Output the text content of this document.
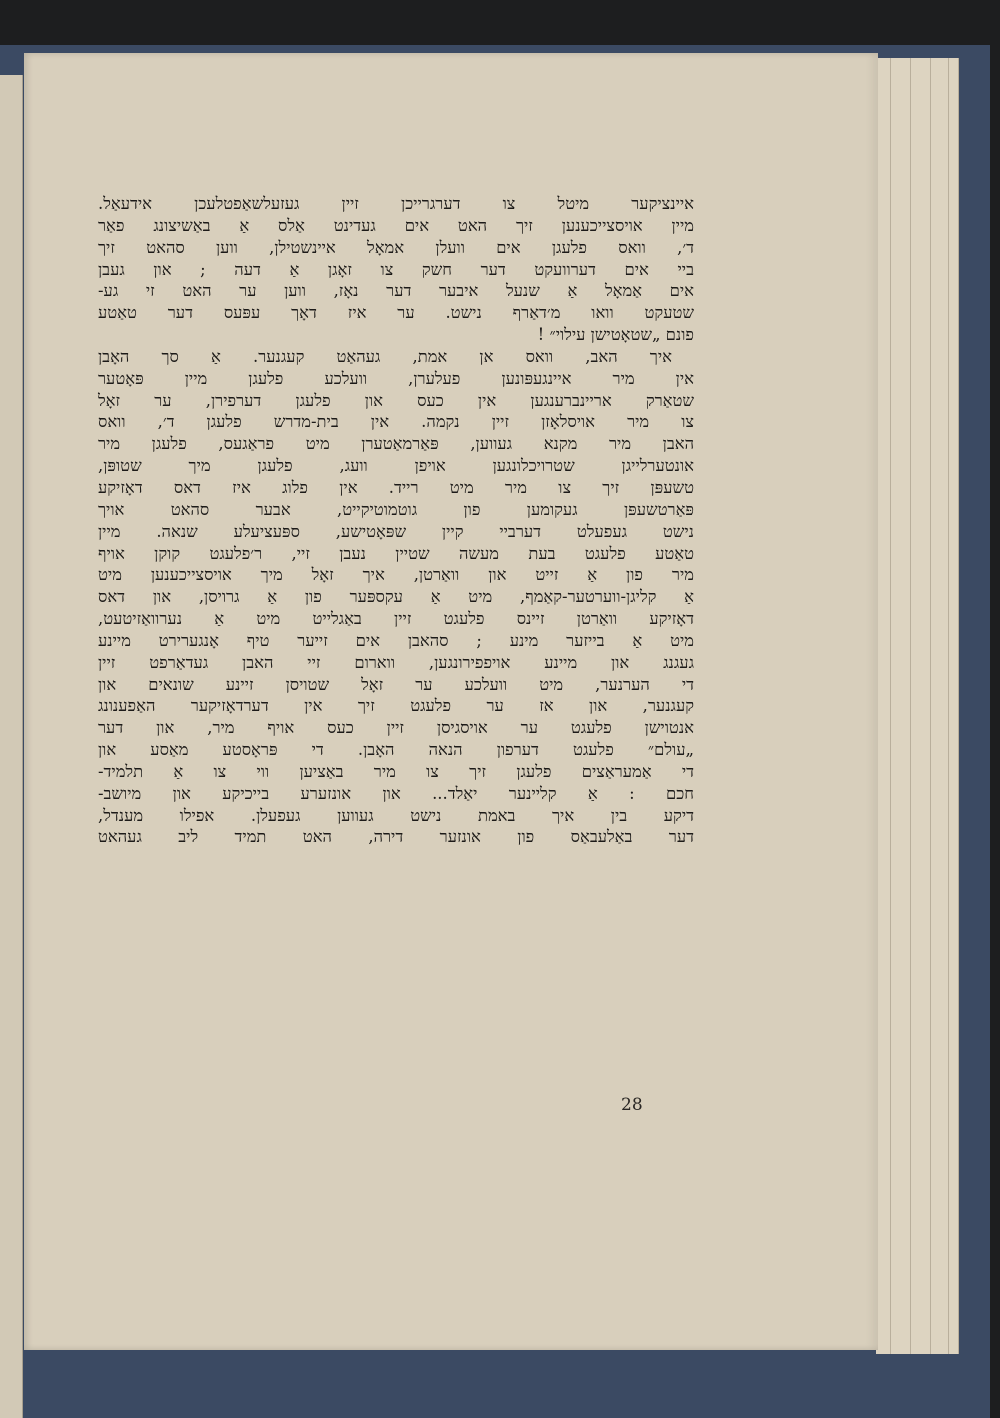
איינציקער מיטל צו דערגרייכן זיין געזעלשאַפטלעכן אידעאַל.
מיין אויסצייכענען זיך האט אים געדינט אַלס אַ באַשיצונג פאַר
ד׳, וואס פלעגן אים וועלן אמאָל איינשטילן, ווען סהאט זיך
ביי אים דערוועקט דער חשק צו זאָגן אַ דעה ; און געבן
אים אַמאָל אַ שנעל איבער דער נאָז, ווען ער האט זי גע-
שטעקט וואו מ׳דאַרף נישט. ער איז דאָך עפּעס דער טאַטע
פונם „שטאָטישן עילוי״ !
איך האב, וואס אן אמת, געהאַט קעגנער. אַ סך האָבן
אין מיר איינגעפּונען פעלערן, וועלכע פלעגן מיין פּאָטער
שטאַרק אריינברענגען אין כעס און פלעגן דערפירן, ער זאָל
צו מיר אויסלאָזן זיין נקמה. אין בית-מדרש פלעגן ד׳, וואס
האבן מיר מקנא געווען, פּאַרמאַטערן מיט פראַגעס, פלעגן מיר
אונטערלייגן שטרויכלונגען אויפן וועג, פלעגן מיך שטופּן,
טשעפּן זיך צו מיר מיט רייד. אין פלוג איז דאס דאָזיקע
פּאַרטשעפּן געקומען פון גוטמוטיקייט, אבער סהאט אויך
נישט געפעלט דערביי קיין שפּאָטישע, ספּעציעלע שנאה. מיין
טאַטע פלעגט בעת מעשה שטיין נעבן זיי, ר׳פלעגט קוקן אויף
מיר פון אַ זייט און וואַרטן, איך זאָל מיך אויסצייכענען מיט
אַ קליגן-ווערטער-קאַמף, מיט אַ עקספּער פון אַ גרויסן, און דאס
דאָזיקע וואַרטן זיינס פלעגט זיין באַגלייט מיט אַ נערוואַזיטעט,
מיט אַ בייזער מינע ; סהאבן אים זייער טיף אָנגערירט מיינע
געגנג און מיינע אויפפירונגען, ווארום זיי האבן געדאַרפט זיין
די הערנער, מיט וועלכע ער זאָל שטויסן זיינע שונאים און
קעגנער, און אז ער פלעגט זיך אין דערדאָזיקער האַפענונג
אנטוישן פלעגט ער אויסגיסן זיין כעס אויף מיר, און דער
„עולם״ פלעגט דערפון הנאה האָבן. די פּראָסטע מאַסע און
די אַמעראַצים פלעגן זיך צו מיר באַציען ווי צו אַ תלמיד-
חכם : אַ קליינער יאַלד... און אונזערע בייכיקע און מיושב-
דיקע בין איך באמת נישט געווען געפעלן. אפילו מענדל,
דער באַלעבאַס פון אונזער דירה, האט תמיד ליב געהאט
28
